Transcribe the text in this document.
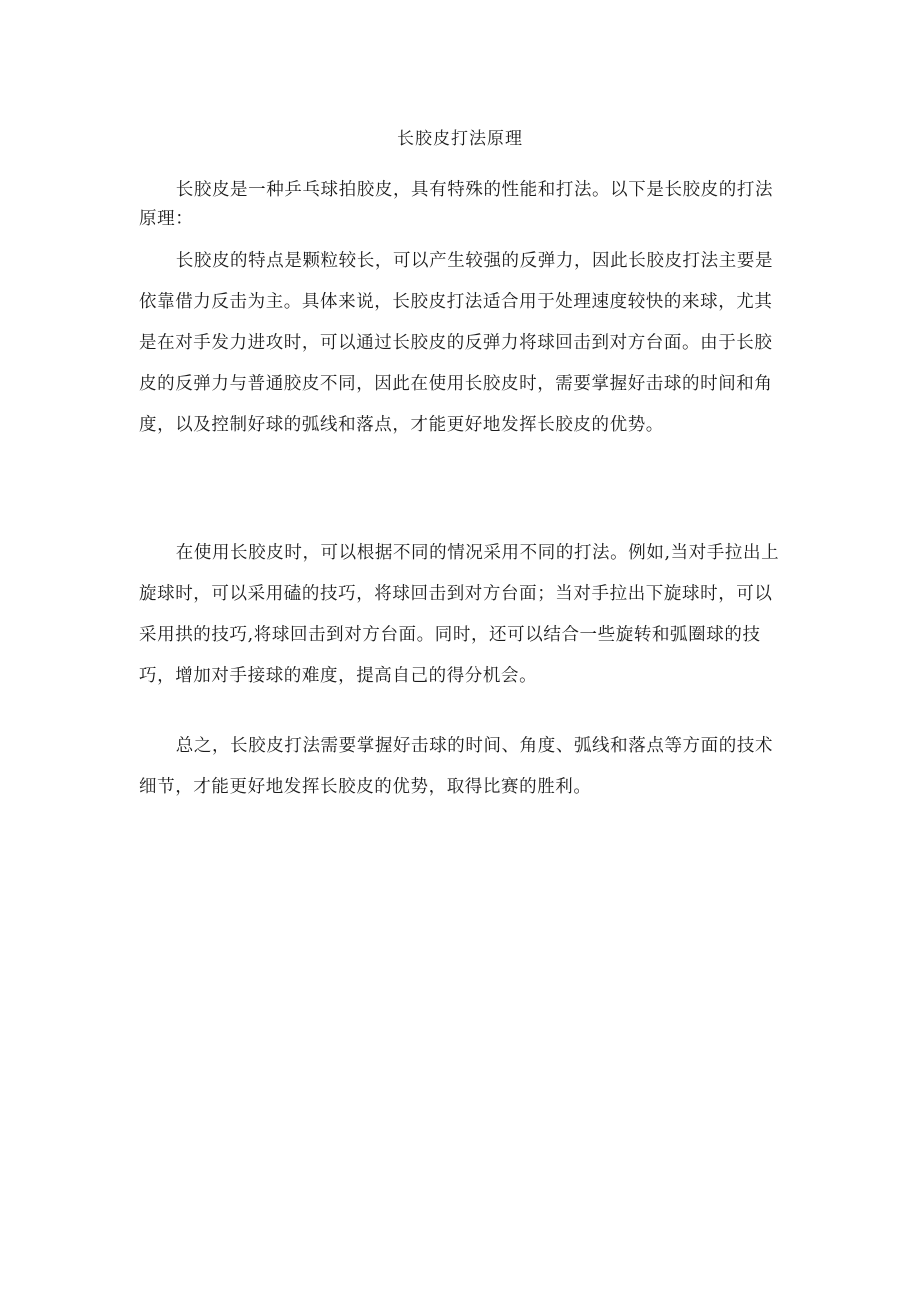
长胶皮打法原理
长胶皮是一种乒乓球拍胶皮，具有特殊的性能和打法。以下是长胶皮的打法原理：
长胶皮的特点是颗粒较长，可以产生较强的反弹力，因此长胶皮打法主要是依靠借力反击为主。具体来说，长胶皮打法适合用于处理速度较快的来球，尤其是在对手发力进攻时，可以通过长胶皮的反弹力将球回击到对方台面。由于长胶皮的反弹力与普通胶皮不同，因此在使用长胶皮时，需要掌握好击球的时间和角度，以及控制好球的弧线和落点，才能更好地发挥长胶皮的优势。
在使用长胶皮时，可以根据不同的情况采用不同的打法。例如,当对手拉出上旋球时，可以采用磕的技巧，将球回击到对方台面；当对手拉出下旋球时，可以采用拱的技巧,将球回击到对方台面。同时，还可以结合一些旋转和弧圈球的技巧，增加对手接球的难度，提高自己的得分机会。
总之，长胶皮打法需要掌握好击球的时间、角度、弧线和落点等方面的技术细节，才能更好地发挥长胶皮的优势，取得比赛的胜利。
